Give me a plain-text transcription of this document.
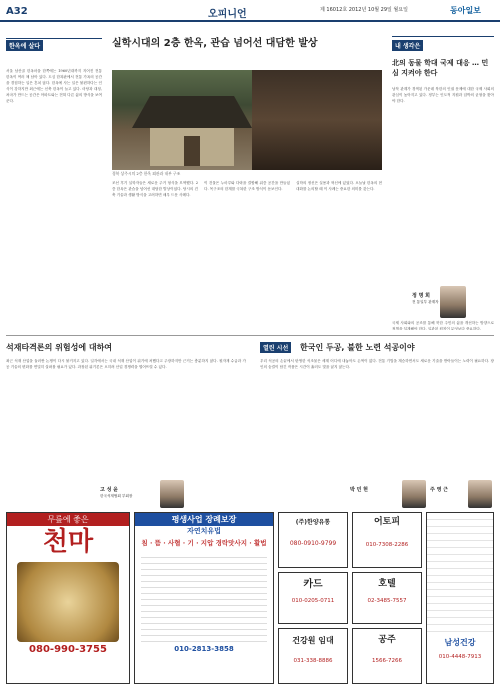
A32	오피니언	제 16012호 2012년 10월 29일 월요일	동아일보
한옥에 살다
서울 남산골 한옥마을 한쪽에는 1960년대까지 지어진 전통 한옥이 여러 채 남아 있다. 도심 한복판에서 전통 가옥의 공간을 경험하는 일은 흔치 않다. 한옥에 사는 일은 불편하다는 인식이 강하지만 최근에는 신축 한옥이 늘고 있다. 마당과 대청, 처마가 만드는 공간은 아파트와는 전혀 다른 삶의 방식을 보여준다.
실학시대의 2층 한옥, 관습 넘어선 대담한 발상
경북 상주시의 2층 한옥 외관과 내부 구조
조선 후기 실학자들은 새로운 주거 형식을 모색했다. 2층 한옥은 관습을 넘어선 대담한 발상이었다. 당시의 건축 기술과 생활 방식을 고려하면 매우 드문 사례다.
이 건물은 누마루와 다락을 결합해 위층 공간을 만들었다. 목구조의 한계를 극복한 구조 방식이 돋보인다.
실학의 정신은 실용과 혁신에 있었다. 오늘날 한옥의 현대화를 논의할 때 이 사례는 중요한 의미를 갖는다.
내 생각은
北의 동물 학대 국제 대응 … 민심 지켜야 한다
남북 관계가 경색된 가운데 북한의 인권 문제에 대한 국제 사회의 관심이 높아지고 있다. 정부는 인도적 지원과 압박의 균형을 찾아야 한다.
정 명 희
전 통일부 관계자
국제 사회와의 공조를 통해 북한 주민의 삶을 개선하는 방향으로 정책을 설계해야 한다. 일관된 원칙이 무엇보다 중요하다.
석재타격론의 위험성에 대하여
최근 석재 산업을 둘러싼 논쟁이 다시 불거지고 있다. 일각에서는 국내 석재 산업이 위기에 처했다고 주장하지만 근거는 충분하지 않다. 원자재 수급과 가공 기술의 변화를 면밀히 살펴볼 필요가 있다. 과장된 위기론은 오히려 산업 경쟁력을 떨어뜨릴 수 있다.
고 성 윤
한국석재협회 부회장
열린 시선	한국인 두공, 불한 노련 석공이야
우리 석공의 손끝에서 탄생한 석조물은 세계 어디에 내놓아도 손색이 없다. 전통 기법을 계승하면서도 새로운 기술을 받아들이는 노력이 필요하다. 장인의 숨결이 담긴 작품은 시간이 흘러도 빛을 잃지 않는다.
박 민 현	주 영 근
무릎에 좋은
천마
080-990-3755
평생사업 장례보장
자연치유법
침 · 뜸 · 사혈 · 기 · 지압 경락맛사지 · 활법
010-2813-3858
(주)한양유통
080-0910-9799
카드
010-0205-0711
건강원 임대
031-338-8886
어토피
010-7308-2286
호텔
02-3485-7557
공주
1566-7266
남성건강
010-4448-7913
